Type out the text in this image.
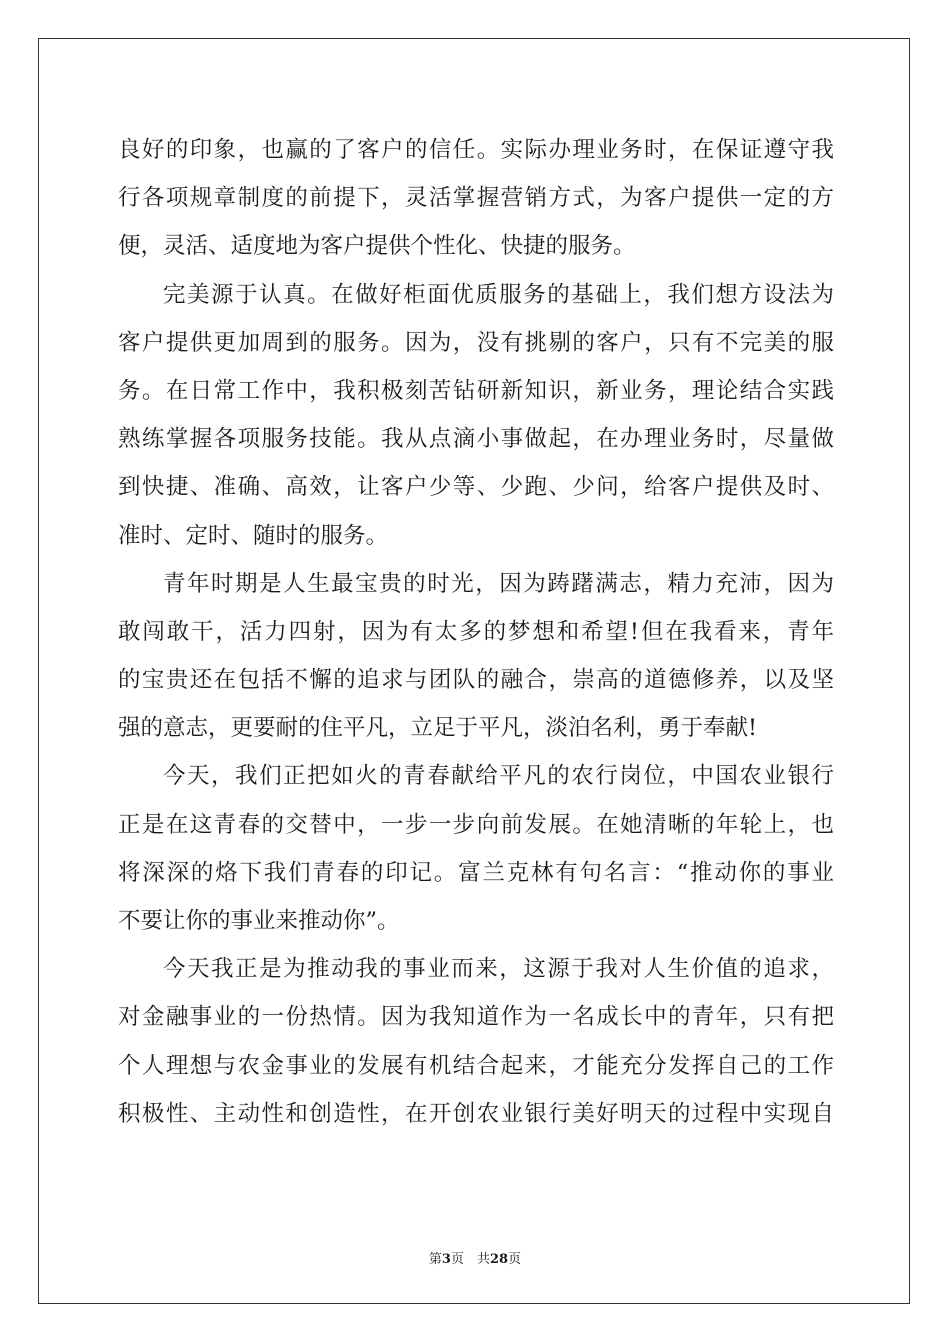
良好的印象，也赢的了客户的信任。实际办理业务时，在保证遵守我
行各项规章制度的前提下，灵活掌握营销方式，为客户提供一定的方
便，灵活、适度地为客户提供个性化、快捷的服务。
完美源于认真。在做好柜面优质服务的基础上，我们想方设法为
客户提供更加周到的服务。因为，没有挑剔的客户，只有不完美的服
务。在日常工作中，我积极刻苦钻研新知识，新业务，理论结合实践
熟练掌握各项服务技能。我从点滴小事做起，在办理业务时，尽量做
到快捷、准确、高效，让客户少等、少跑、少问，给客户提供及时、
准时、定时、随时的服务。
青年时期是人生最宝贵的时光，因为踌躇满志，精力充沛，因为
敢闯敢干，活力四射，因为有太多的梦想和希望!但在我看来，青年
的宝贵还在包括不懈的追求与团队的融合，崇高的道德修养，以及坚
强的意志，更要耐的住平凡，立足于平凡，淡泊名利，勇于奉献!
今天，我们正把如火的青春献给平凡的农行岗位，中国农业银行
正是在这青春的交替中，一步一步向前发展。在她清晰的年轮上，也
将深深的烙下我们青春的印记。富兰克林有句名言：“推动你的事业
不要让你的事业来推动你”。
今天我正是为推动我的事业而来，这源于我对人生价值的追求，
对金融事业的一份热情。因为我知道作为一名成长中的青年，只有把
个人理想与农金事业的发展有机结合起来，才能充分发挥自己的工作
积极性、主动性和创造性，在开创农业银行美好明天的过程中实现自
第3页　共28页
